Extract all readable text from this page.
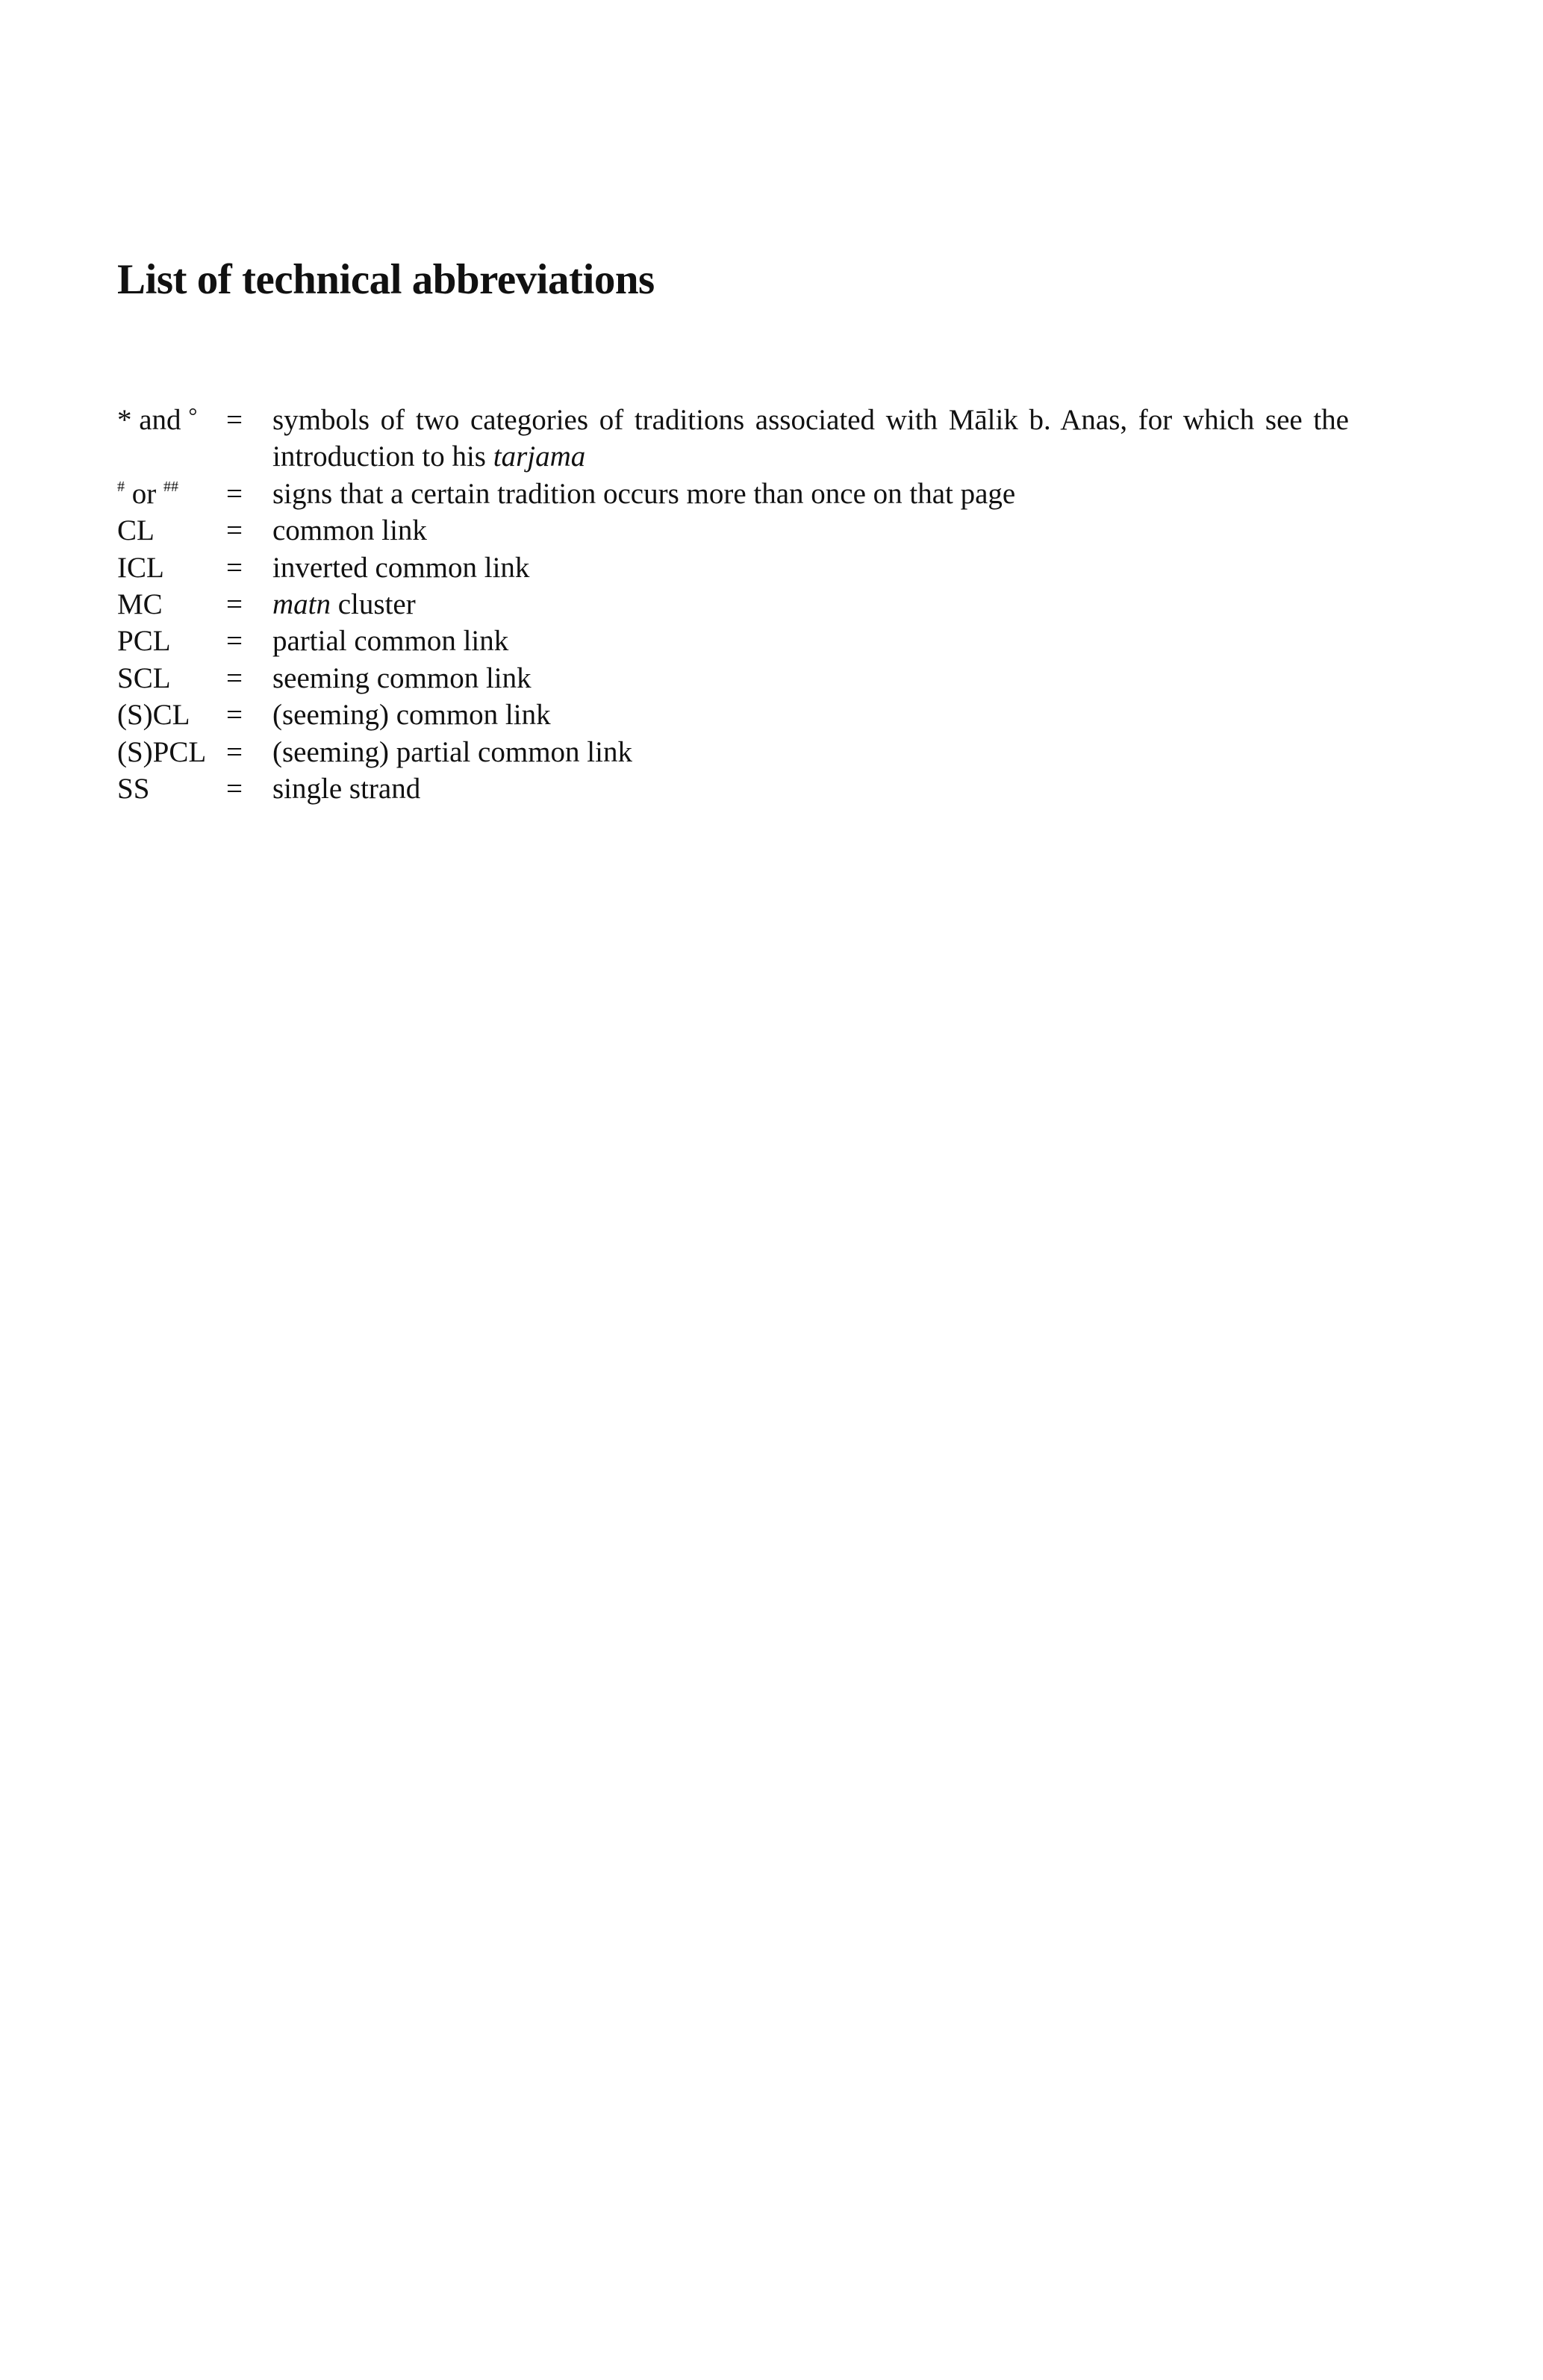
List of technical abbreviations
* and ° =	symbols of two categories of traditions associated with Mālik b. Anas, for which see the
introduction to his tarjama
# or ##	=	signs that a certain tradition occurs more than once on that page
CL	=	common link
ICL	=	inverted common link
MC	=	matn cluster
PCL	=	partial common link
SCL	=	seeming common link
(S)CL	=	(seeming) common link
(S)PCL =	(seeming) partial common link
SS	=	single strand
